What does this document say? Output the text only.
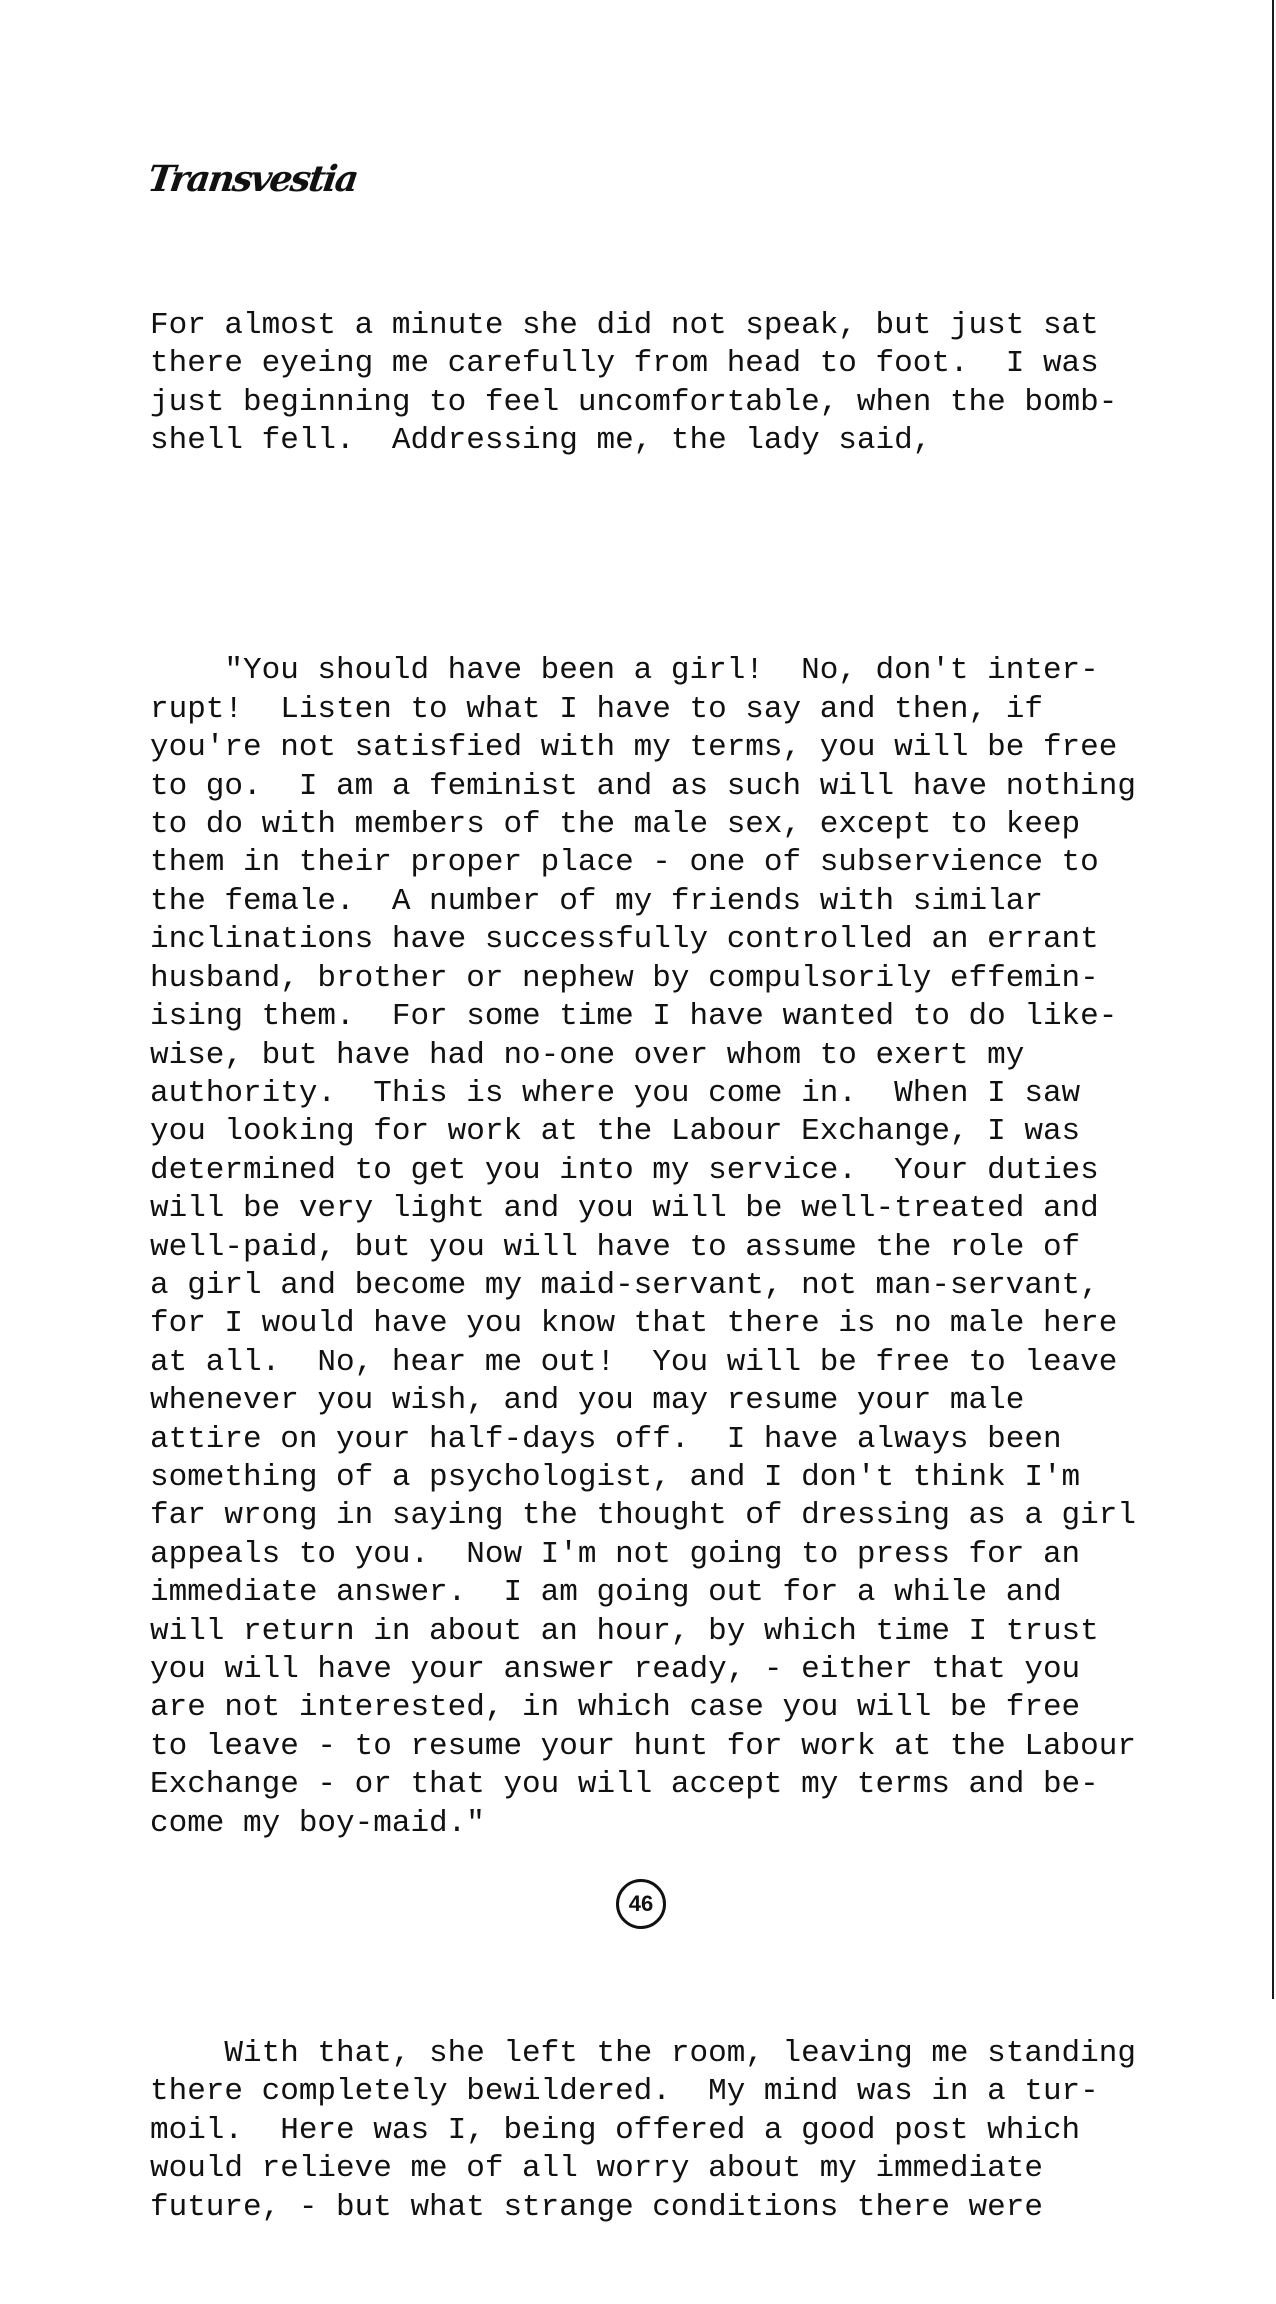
Transvestia

For almost a minute she did not speak, but just sat
there eyeing me carefully from head to foot.  I was
just beginning to feel uncomfortable, when the bomb-
shell fell.  Addressing me, the lady said,

"You should have been a girl!  No, don't inter-
rupt!  Listen to what I have to say and then, if
you're not satisfied with my terms, you will be free
to go.  I am a feminist and as such will have nothing
to do with members of the male sex, except to keep
them in their proper place - one of subservience to
the female.  A number of my friends with similar
inclinations have successfully controlled an errant
husband, brother or nephew by compulsorily effemin-
ising them.  For some time I have wanted to do like-
wise, but have had no-one over whom to exert my
authority.  This is where you come in.  When I saw
you looking for work at the Labour Exchange, I was
determined to get you into my service.  Your duties
will be very light and you will be well-treated and
well-paid, but you will have to assume the role of
a girl and become my maid-servant, not man-servant,
for I would have you know that there is no male here
at all.  No, hear me out!  You will be free to leave
whenever you wish, and you may resume your male
attire on your half-days off.  I have always been
something of a psychologist, and I don't think I'm
far wrong in saying the thought of dressing as a girl
appeals to you.  Now I'm not going to press for an
immediate answer.  I am going out for a while and
will return in about an hour, by which time I trust
you will have your answer ready, - either that you
are not interested, in which case you will be free
to leave - to resume your hunt for work at the Labour
Exchange - or that you will accept my terms and be-
come my boy-maid."

With that, she left the room, leaving me standing
there completely bewildered.  My mind was in a tur-
moil.  Here was I, being offered a good post which
would relieve me of all worry about my immediate
future, - but what strange conditions there were

46
